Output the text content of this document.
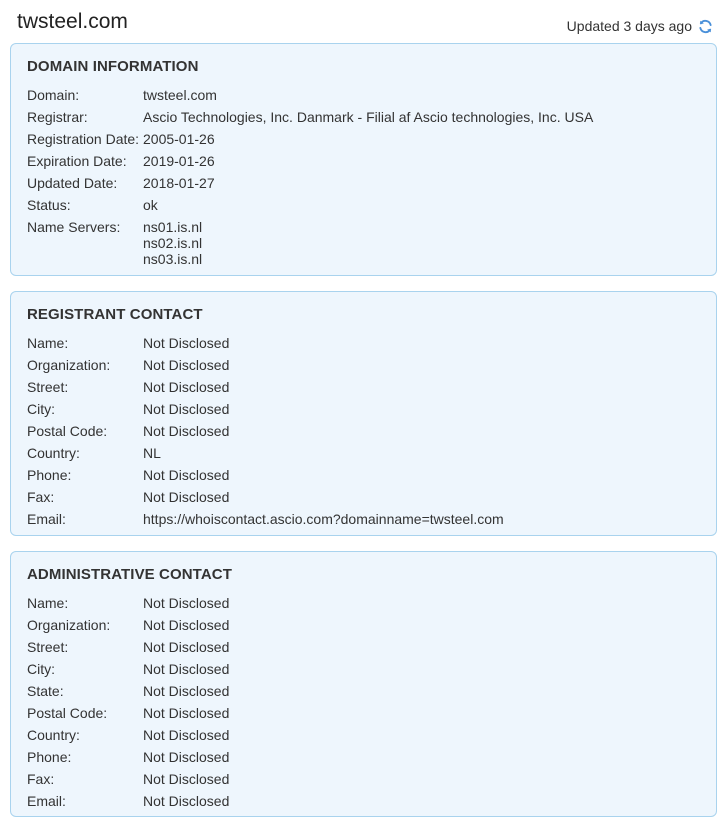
twsteel.com	Updated 3 days ago
DOMAIN INFORMATION
Domain:	twsteel.com
Registrar:	Ascio Technologies, Inc. Danmark - Filial af Ascio technologies, Inc. USA
Registration Date: 2005-01-26
Expiration Date:	2019-01-26
Updated Date:	2018-01-27
Status:	ok
Name Servers:	ns01.is.nl
ns02.is.nl
ns03.is.nl
REGISTRANT CONTACT
Name:	Not Disclosed
Organization:	Not Disclosed
Street:	Not Disclosed
City:	Not Disclosed
Postal Code:	Not Disclosed
Country:	NL
Phone:	Not Disclosed
Fax:	Not Disclosed
Email:	https://whoiscontact.ascio.com?domainname=twsteel.com
ADMINISTRATIVE CONTACT
Name:	Not Disclosed
Organization:	Not Disclosed
Street:	Not Disclosed
City:	Not Disclosed
State:	Not Disclosed
Postal Code:	Not Disclosed
Country:	Not Disclosed
Phone:	Not Disclosed
Fax:	Not Disclosed
Email:	Not Disclosed
